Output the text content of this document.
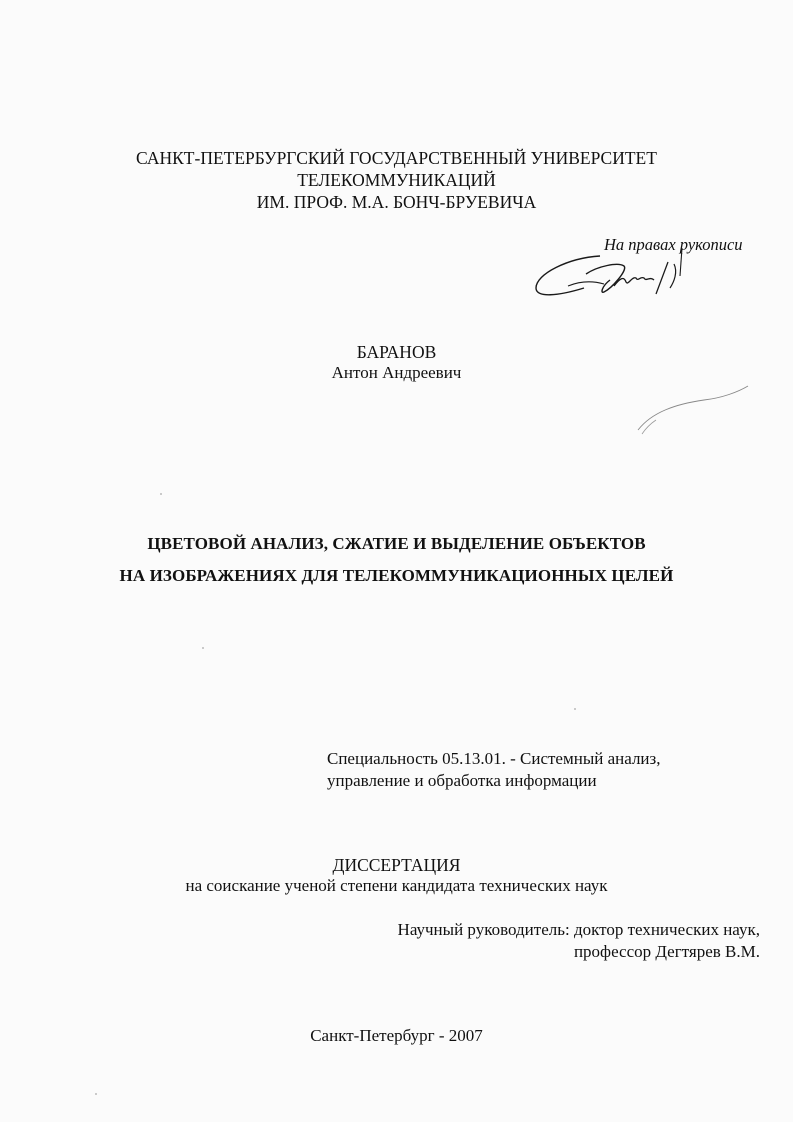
САНКТ-ПЕТЕРБУРГСКИЙ ГОСУДАРСТВЕННЫЙ УНИВЕРСИТЕТ
ТЕЛЕКОММУНИКАЦИЙ
ИМ. ПРОФ. М.А. БОНЧ-БРУЕВИЧА
На правах рукописи
БАРАНОВ
Антон Андреевич
ЦВЕТОВОЙ АНАЛИЗ, СЖАТИЕ И ВЫДЕЛЕНИЕ ОБЪЕКТОВ
НА ИЗОБРАЖЕНИЯХ ДЛЯ ТЕЛЕКОММУНИКАЦИОННЫХ ЦЕЛЕЙ
Специальность 05.13.01. - Системный анализ,
управление и обработка информации
ДИССЕРТАЦИЯ
на соискание ученой степени кандидата технических наук
Научный руководитель: доктор технических наук,
профессор Дегтярев В.М.
Санкт-Петербург - 2007
